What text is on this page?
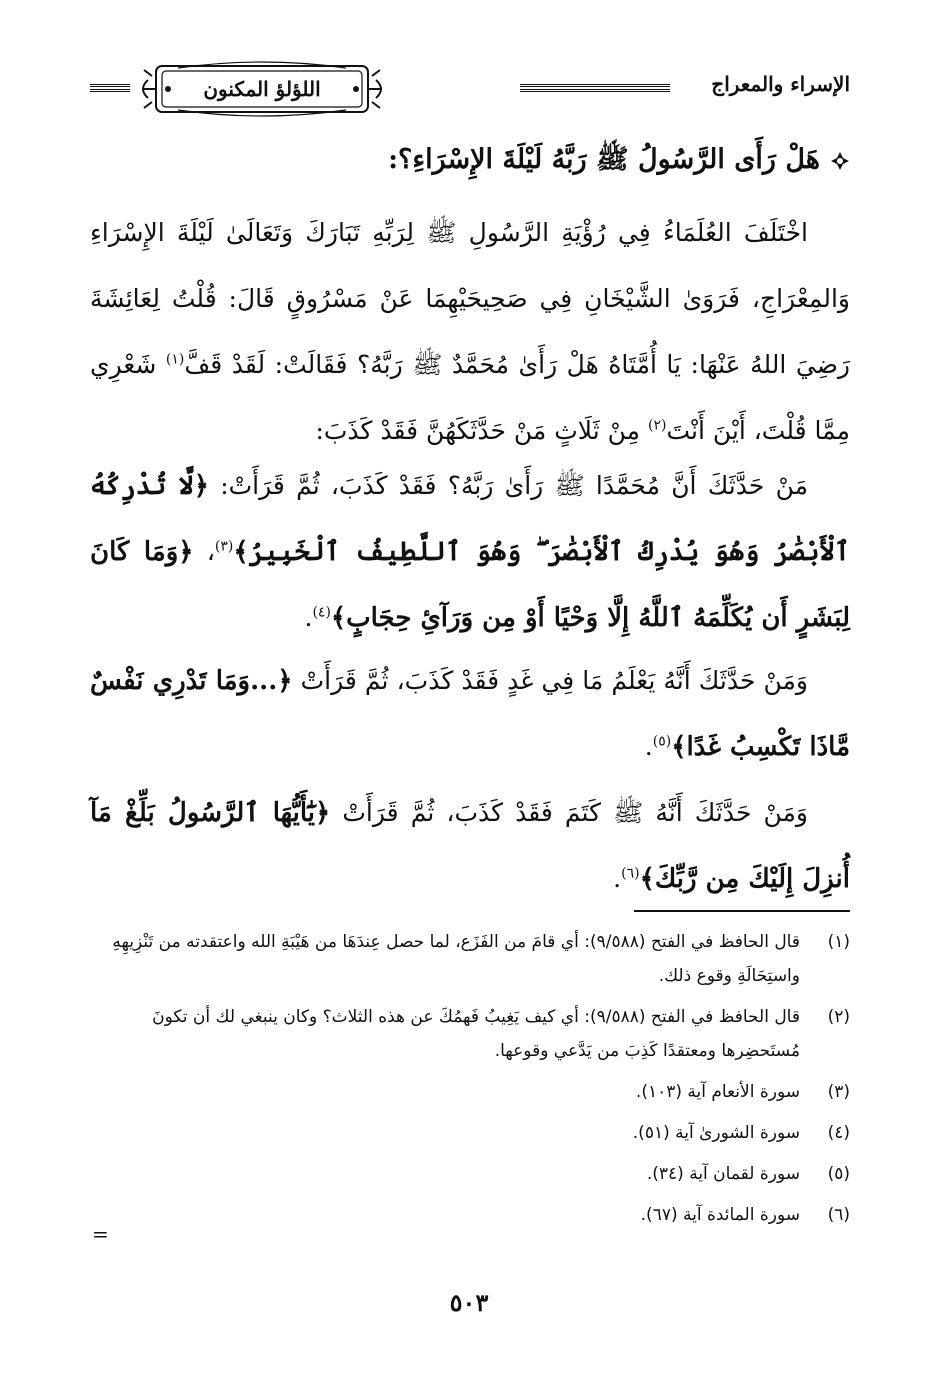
اللؤلؤ المكنون	الإسراء والمعراج
هَلْ رَأَى الرَّسُولُ ﷺ رَبَّهُ لَيْلَةَ الإِسْرَاءِ؟:
اخْتَلَفَ العُلَمَاءُ فِي رُؤْيَةِ الرَّسُولِ ﷺ لِرَبِّهِ تَبَارَكَ وَتَعَالَىٰ لَيْلَةَ الإِسْرَاءِ وَالمِعْرَاجِ، فَرَوَىٰ الشَّيْخَانِ فِي صَحِيحَيْهِمَا عَنْ مَسْرُوقٍ قَالَ: قُلْتُ لِعَائِشَةَ رَضِيَ اللهُ عَنْهَا: يَا أُمَّتَاهُ هَلْ رَأَىٰ مُحَمَّدٌ ﷺ رَبَّهُ؟ فَقَالَتْ: لَقَدْ قَفَّ$^{(١)}$ شَعْرِي مِمَّا قُلْتَ، أَيْنَ أَنْتَ$^{(٢)}$ مِنْ ثَلَاثٍ مَنْ حَدَّثَكَهُنَّ فَقَدْ كَذَبَ:
مَنْ حَدَّثَكَ أَنَّ مُحَمَّدًا ﷺ رَأَىٰ رَبَّهُ؟ فَقَدْ كَذَبَ، ثُمَّ قَرَأَتْ: ﴿لَّا تُدْرِكُهُ ٱلْأَبْصَٰرُ وَهُوَ يُدْرِكُ ٱلْأَبْصَٰرَ ۖ وَهُوَ ٱللَّطِيفُ ٱلْخَبِيرُ﴾$^{(٣)}$، ﴿وَمَا كَانَ لِبَشَرٍ أَن يُكَلِّمَهُ ٱللَّهُ إِلَّا وَحْيًا أَوْ مِن وَرَآئِ حِجَابٍ﴾$^{(٤)}$.
وَمَنْ حَدَّثَكَ أَنَّهُ يَعْلَمُ مَا فِي غَدٍ فَقَدْ كَذَبَ، ثُمَّ قَرَأَتْ ﴿...وَمَا تَدْرِي نَفْسٌ مَّاذَا تَكْسِبُ غَدًا﴾$^{(٥)}$.
وَمَنْ حَدَّثَكَ أَنَّهُ ﷺ كَتَمَ فَقَدْ كَذَبَ، ثُمَّ قَرَأَتْ ﴿يَٰٓأَيُّهَا ٱلرَّسُولُ بَلِّغْ مَآ أُنزِلَ إِلَيْكَ مِن رَّبِّكَ﴾$^{(٦)}$.
(١)
قال الحافظ في الفتح (٩/٥٨٨): أي قامَ من الفَزَع، لما حصل عِندَهَا من هَيْبَةِ الله واعتقدته من تَنْزِيهِهِ واستِحَالَةِ وقوع ذلك.
(٢)
قال الحافظ في الفتح (٩/٥٨٨): أي كيف يَغِيبُ فَهمُكَ عن هذه الثلاث؟ وكان ينبغي لك أن تكونَ مُستَحضِرها ومعتقدًا كَذِبَ من يَدَّعي وقوعها.
(٣)
سورة الأنعام آية (١٠٣).
(٤)
سورة الشورىٰ آية (٥١).
(٥)
سورة لقمان آية (٣٤).
(٦)
سورة المائدة آية (٦٧).
=
٥٠٣
